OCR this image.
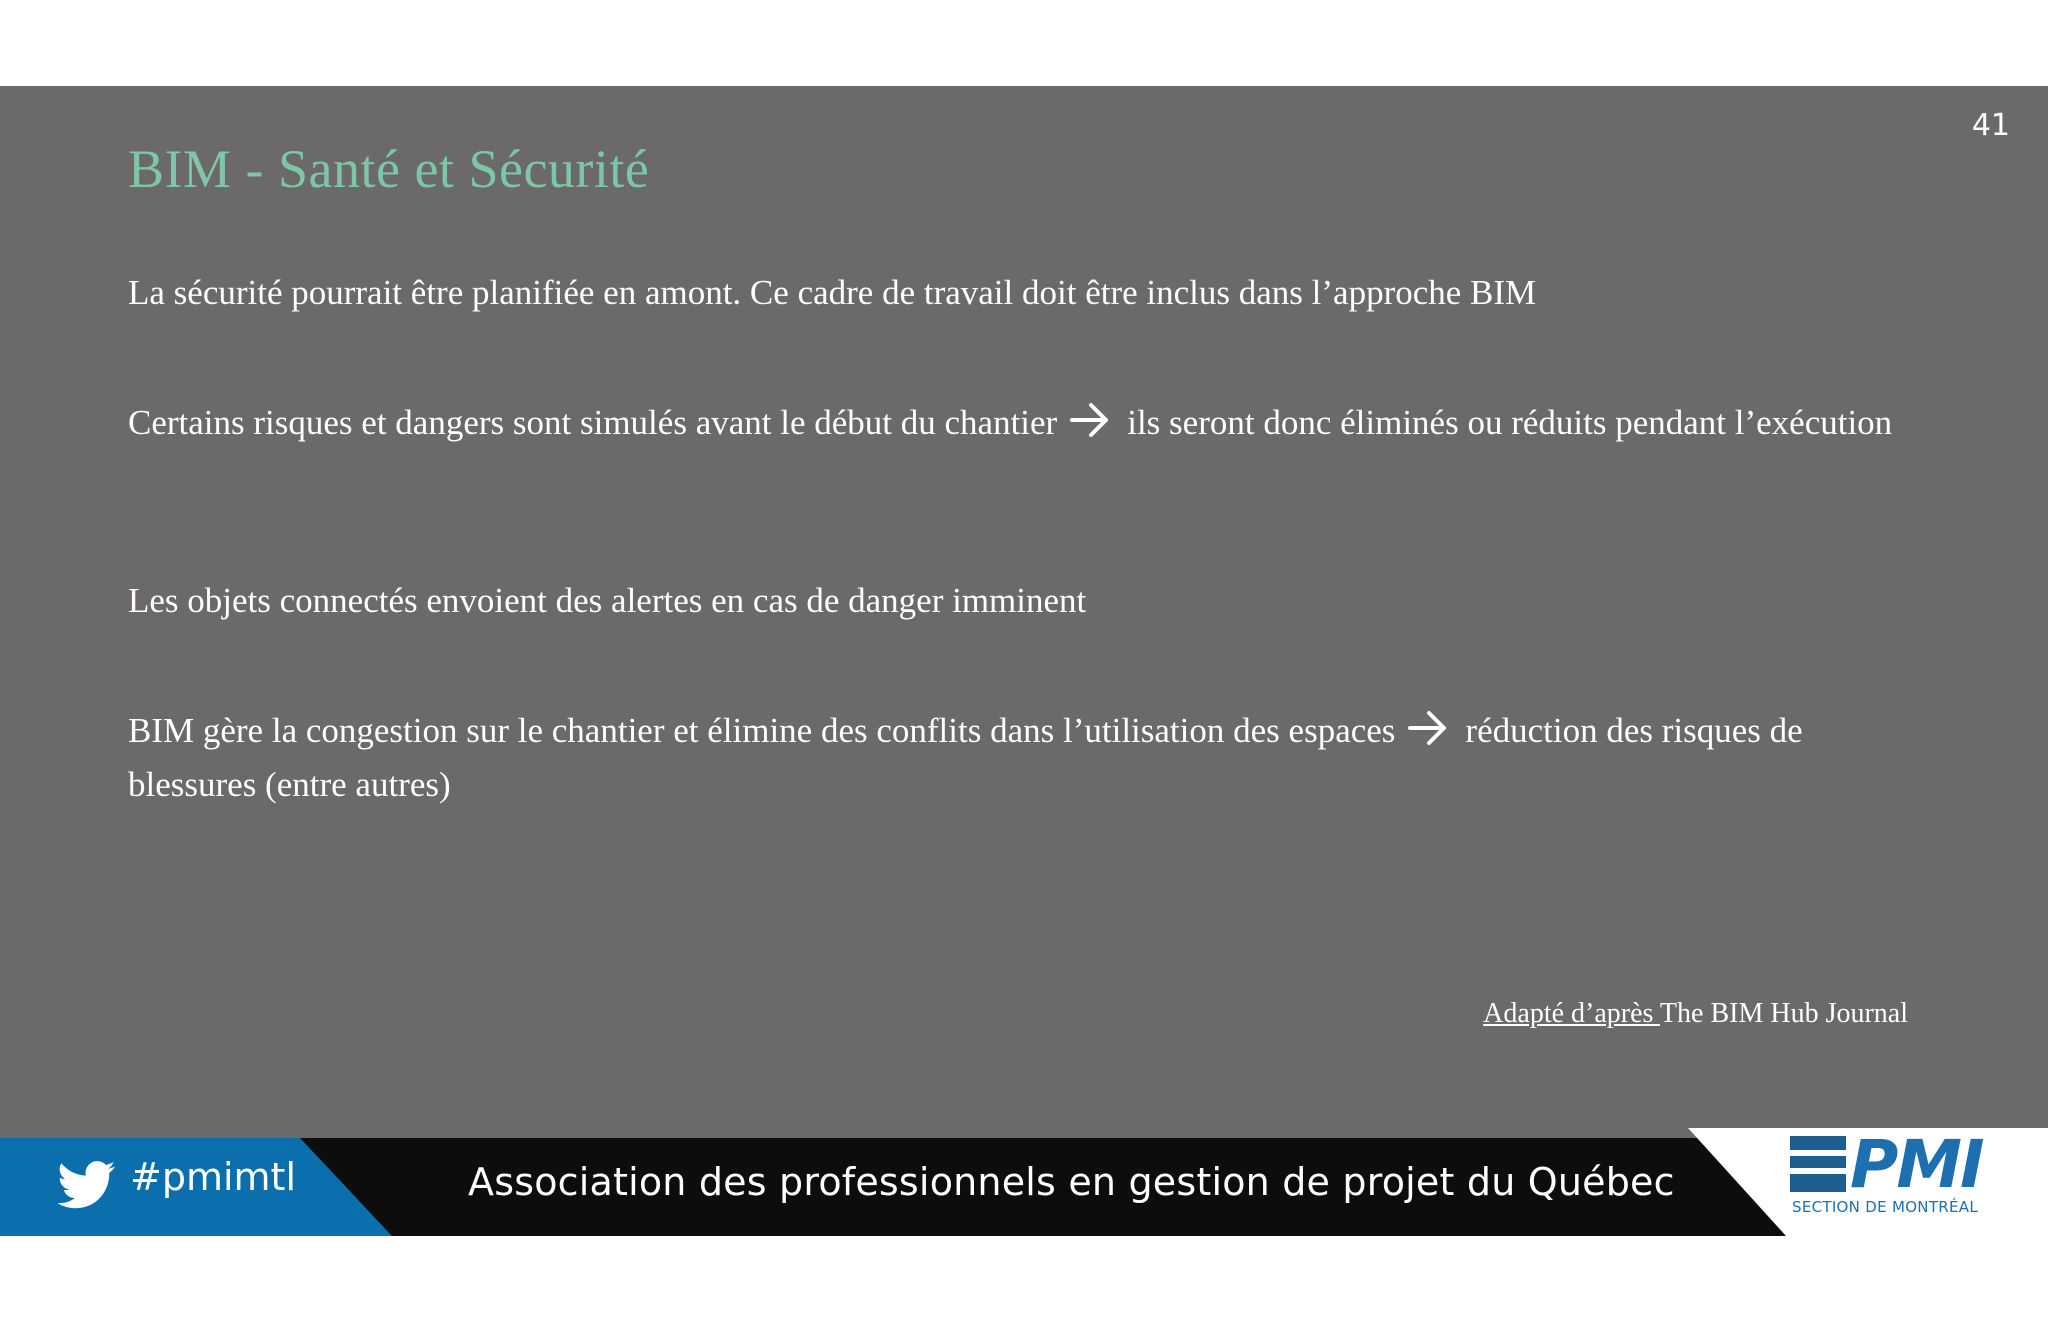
41
BIM - Santé et Sécurité

La sécurité pourrait être planifiée en amont. Ce cadre de travail doit être inclus dans l’approche BIM

Certains risques et dangers sont simulés avant le début du chantier ils seront donc éliminés ou réduits pendant l’exécution

Les objets connectés envoient des alertes en cas de danger imminent

BIM gère la congestion sur le chantier et élimine des conflits dans l’utilisation des espaces réduction des risques de blessures (entre autres)

Adapté d’après The BIM Hub Journal
#pmimtl	Association des professionnels en gestion de projet du Québec	PMI
SECTION DE MONTRÉAL
